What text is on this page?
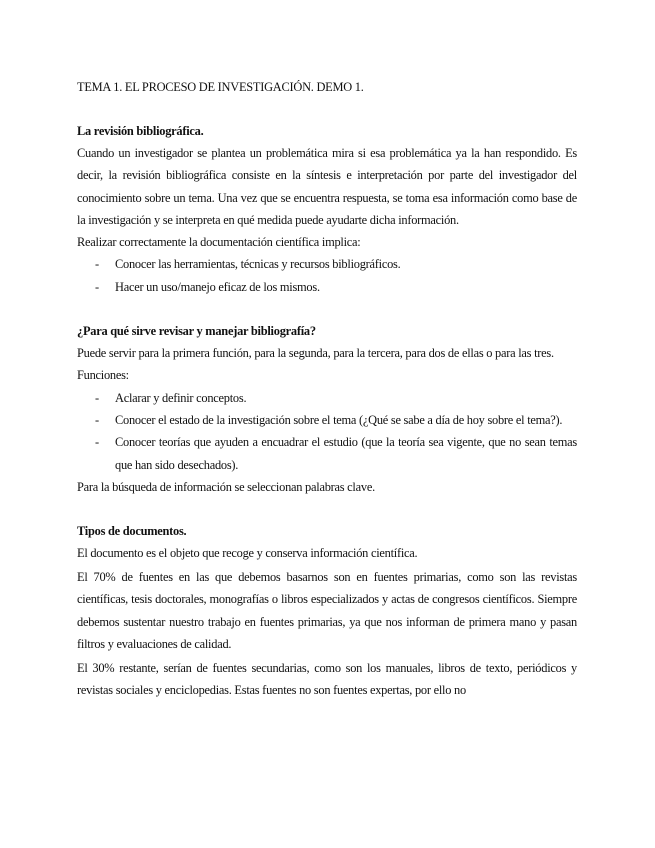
TEMA 1. EL PROCESO DE INVESTIGACIÓN. DEMO 1.
La revisión bibliográfica.

Cuando un investigador se plantea un problemática mira si esa problemática ya la han respondido. Es decir, la revisión bibliográfica consiste en la síntesis e interpretación por parte del investigador del conocimiento sobre un tema. Una vez que se encuentra respuesta, se toma esa información como base de la investigación y se interpreta en qué medida puede ayudarte dicha información.

Realizar correctamente la documentación científica implica:

- Conocer las herramientas, técnicas y recursos bibliográficos.
- Hacer un uso/manejo eficaz de los mismos.
¿Para qué sirve revisar y manejar bibliografía?

Puede servir para la primera función, para la segunda, para la tercera, para dos de ellas o para las tres.

Funciones:

- Aclarar y definir conceptos.
- Conocer el estado de la investigación sobre el tema (¿Qué se sabe a día de hoy sobre el tema?).
- Conocer teorías que ayuden a encuadrar el estudio (que la teoría sea vigente, que no sean temas que han sido desechados).

Para la búsqueda de información se seleccionan palabras clave.

Tipos de documentos.

El documento es el objeto que recoge y conserva información científica.

El 70% de fuentes en las que debemos basarnos son en fuentes primarias, como son las revistas científicas, tesis doctorales, monografías o libros especializados y actas de congresos científicos. Siempre debemos sustentar nuestro trabajo en fuentes primarias, ya que nos informan de primera mano y pasan filtros y evaluaciones de calidad.

El 30% restante, serían de fuentes secundarias, como son los manuales, libros de texto, periódicos y revistas sociales y enciclopedias. Estas fuentes no son fuentes expertas, por ello no
